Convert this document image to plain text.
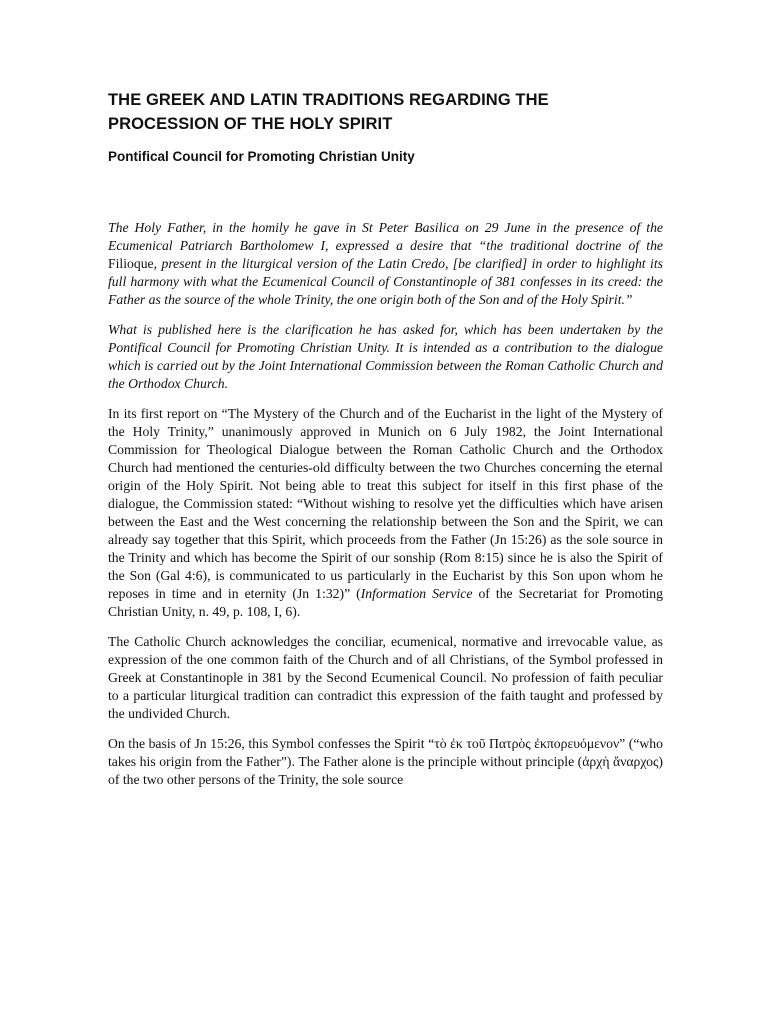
THE GREEK AND LATIN TRADITIONS REGARDING THE PROCESSION OF THE HOLY SPIRIT
Pontifical Council for Promoting Christian Unity

The Holy Father, in the homily he gave in St Peter Basilica on 29 June in the presence of the Ecumenical Patriarch Bartholomew I, expressed a desire that “the traditional doctrine of the Filioque, present in the liturgical version of the Latin Credo, [be clarified] in order to highlight its full harmony with what the Ecumenical Council of Constantinople of 381 confesses in its creed: the Father as the source of the whole Trinity, the one origin both of the Son and of the Holy Spirit.”

What is published here is the clarification he has asked for, which has been undertaken by the Pontifical Council for Promoting Christian Unity. It is intended as a contribution to the dialogue which is carried out by the Joint International Commission between the Roman Catholic Church and the Orthodox Church.

In its first report on “The Mystery of the Church and of the Eucharist in the light of the Mystery of the Holy Trinity,” unanimously approved in Munich on 6 July 1982, the Joint International Commission for Theological Dialogue between the Roman Catholic Church and the Orthodox Church had mentioned the centuries-old difficulty between the two Churches concerning the eternal origin of the Holy Spirit. Not being able to treat this subject for itself in this first phase of the dialogue, the Commission stated: “Without wishing to resolve yet the difficulties which have arisen between the East and the West concerning the relationship between the Son and the Spirit, we can already say together that this Spirit, which proceeds from the Father (Jn 15:26) as the sole source in the Trinity and which has become the Spirit of our sonship (Rom 8:15) since he is also the Spirit of the Son (Gal 4:6), is communicated to us particularly in the Eucharist by this Son upon whom he reposes in time and in eternity (Jn 1:32)” (Information Service of the Secretariat for Promoting Christian Unity, n. 49, p. 108, I, 6).

The Catholic Church acknowledges the conciliar, ecumenical, normative and irrevocable value, as expression of the one common faith of the Church and of all Christians, of the Symbol professed in Greek at Constantinople in 381 by the Second Ecumenical Council. No profession of faith peculiar to a particular liturgical tradition can contradict this expression of the faith taught and professed by the undivided Church.

On the basis of Jn 15:26, this Symbol confesses the Spirit “τὸ ἐκ τοῦ Πατρὸς ἐκπορευόμενον” (“who takes his origin from the Father”). The Father alone is the principle without principle (ἀρχὴ ἄναρχος) of the two other persons of the Trinity, the sole source
